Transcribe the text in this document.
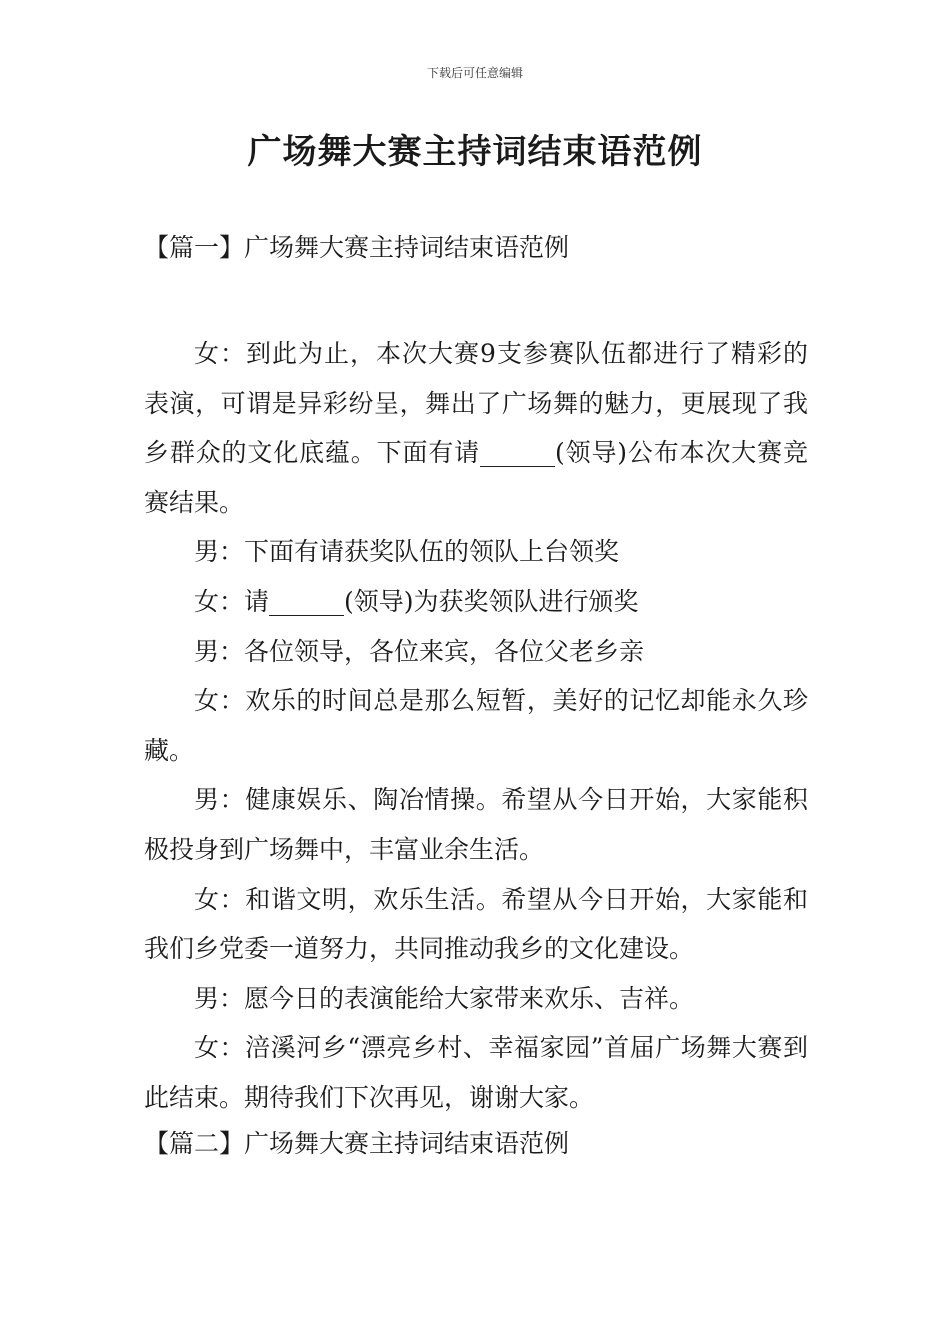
下载后可任意编辑
广场舞大赛主持词结束语范例
【篇一】广场舞大赛主持词结束语范例

女：到此为止，本次大赛9支参赛队伍都进行了精彩的表演，可谓是异彩纷呈，舞出了广场舞的魅力，更展现了我乡群众的文化底蕴。下面有请______(领导)公布本次大赛竞赛结果。

男：下面有请获奖队伍的领队上台领奖

女：请______(领导)为获奖领队进行颁奖

男：各位领导，各位来宾，各位父老乡亲

女：欢乐的时间总是那么短暂，美好的记忆却能永久珍藏。

男：健康娱乐、陶冶情操。希望从今日开始，大家能积极投身到广场舞中，丰富业余生活。

女：和谐文明，欢乐生活。希望从今日开始，大家能和我们乡党委一道努力，共同推动我乡的文化建设。

男：愿今日的表演能给大家带来欢乐、吉祥。

女：涪溪河乡“漂亮乡村、幸福家园”首届广场舞大赛到此结束。期待我们下次再见，谢谢大家。

【篇二】广场舞大赛主持词结束语范例
